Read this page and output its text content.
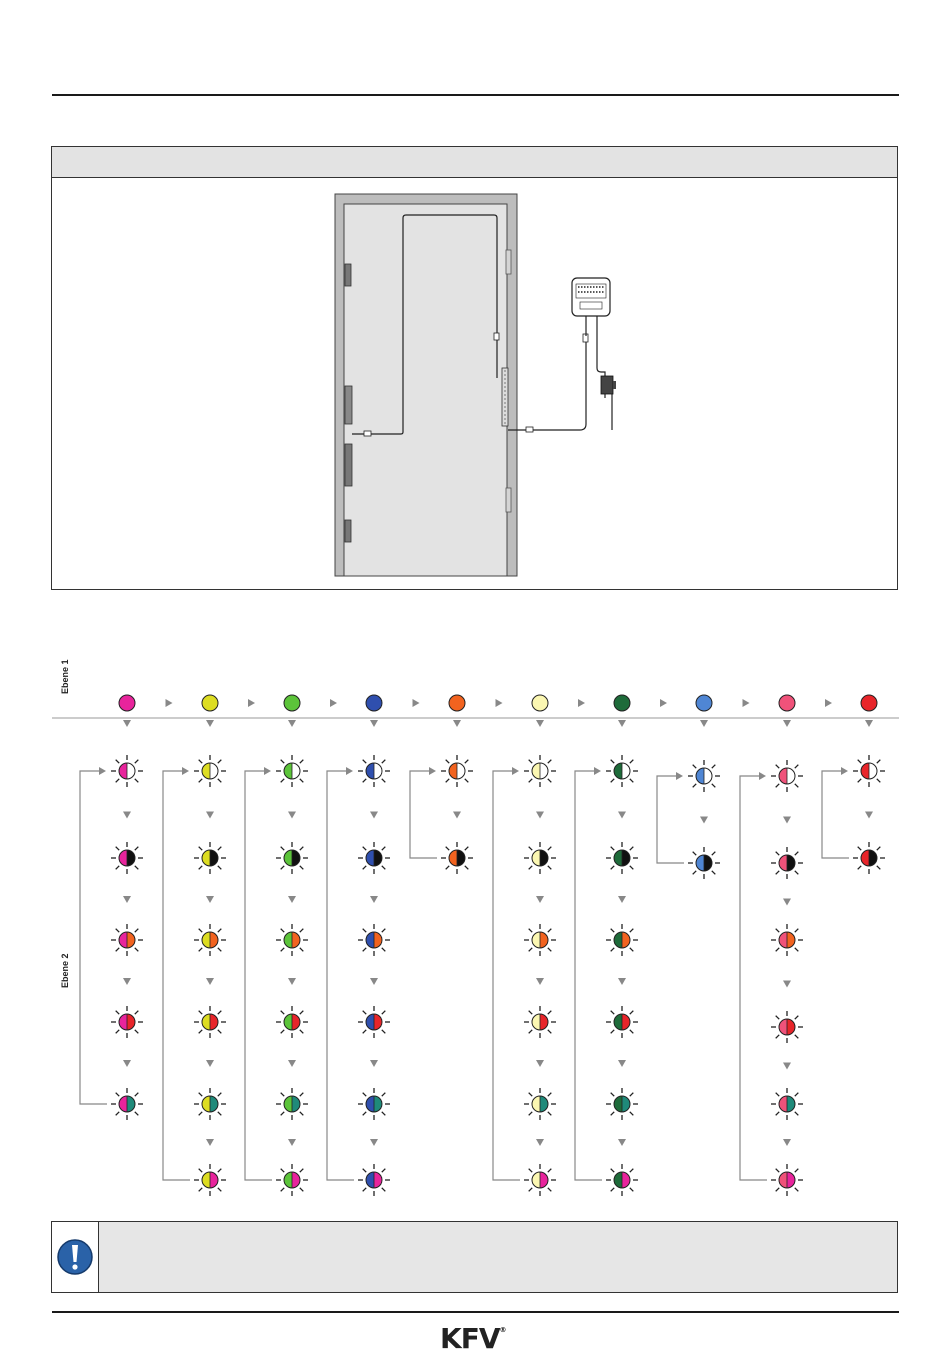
Ebene 1
Ebene 2
KFV®
